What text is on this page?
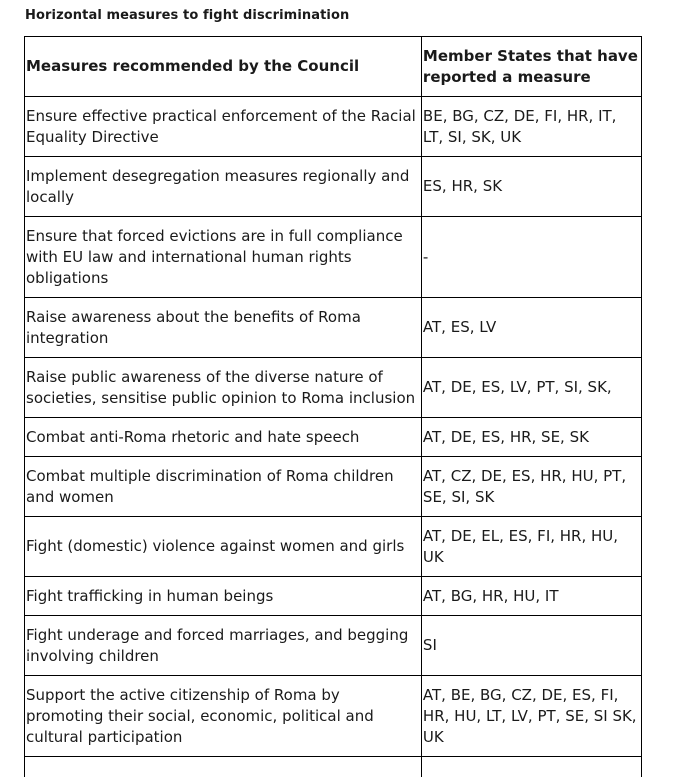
Horizontal measures to fight discrimination
Measures recommended by the Council	Member States that have reported a measure
Ensure effective practical enforcement of the Racial Equality Directive	BE, BG, CZ, DE, FI, HR, IT, LT, SI, SK, UK
Implement desegregation measures regionally and locally	ES, HR, SK
Ensure that forced evictions are in full compliance with EU law and international human rights obligations	-
Raise awareness about the benefits of Roma integration	AT, ES, LV
Raise public awareness of the diverse nature of societies, sensitise public opinion to Roma inclusion	AT, DE, ES, LV, PT, SI, SK,
Combat anti-Roma rhetoric and hate speech	AT, DE, ES, HR, SE, SK
Combat multiple discrimination of Roma children and women	AT, CZ, DE, ES, HR, HU, PT, SE, SI, SK
Fight (domestic) violence against women and girls	AT, DE, EL, ES, FI, HR, HU, UK
Fight trafficking in human beings	AT, BG, HR, HU, IT
Fight underage and forced marriages, and begging involving children	SI
Support the active citizenship of Roma by promoting their social, economic, political and cultural participation	AT, BE, BG, CZ, DE, ES, FI, HR, HU, LT, LV, PT, SE, SI SK, UK
